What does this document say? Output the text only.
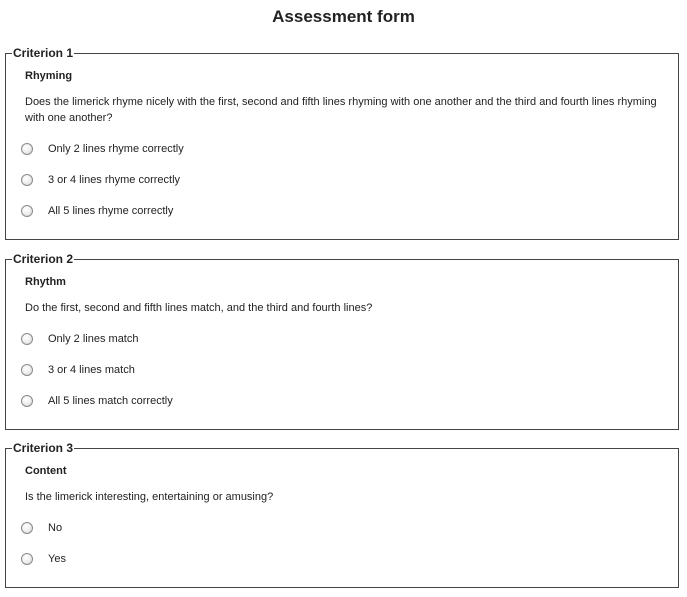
Assessment form
Criterion 1
Rhyming
Does the limerick rhyme nicely with the first, second and fifth lines rhyming with one another and the third and fourth lines rhyming with one another?
Only 2 lines rhyme correctly
3 or 4 lines rhyme correctly
All 5 lines rhyme correctly
Criterion 2
Rhythm
Do the first, second and fifth lines match, and the third and fourth lines?
Only 2 lines match
3 or 4 lines match
All 5 lines match correctly
Criterion 3
Content
Is the limerick interesting, entertaining or amusing?
No
Yes
